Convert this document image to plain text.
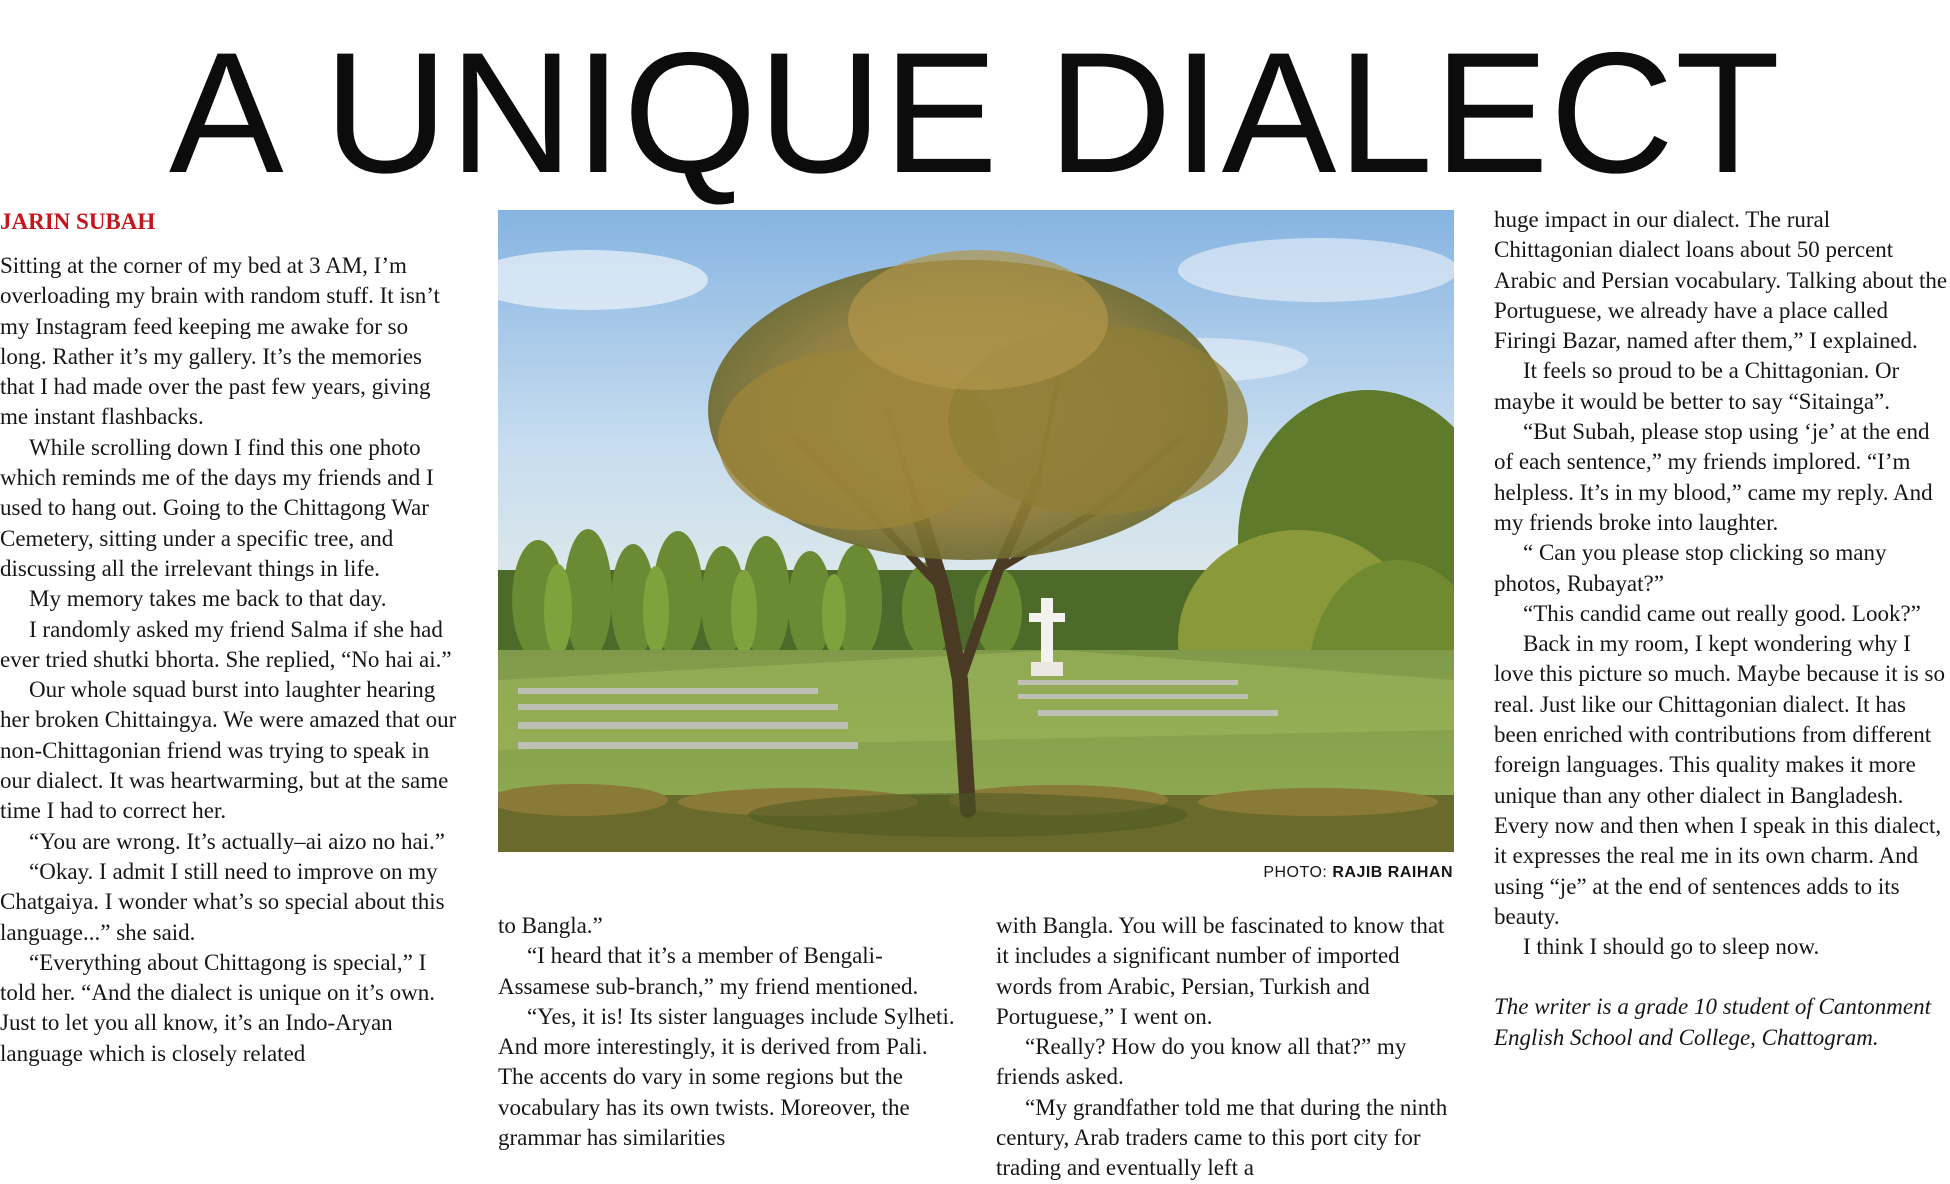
A UNIQUE DIALECT
JARIN SUBAH

Sitting at the corner of my bed at 3 AM, I’m overloading my brain with random stuff. It isn’t my Instagram feed keeping me awake for so long. Rather it’s my gallery. It’s the memories that I had made over the past few years, giving me instant flashbacks.

While scrolling down I find this one photo which reminds me of the days my friends and I used to hang out. Going to the Chittagong War Cemetery, sitting under a specific tree, and discussing all the irrelevant things in life.

My memory takes me back to that day.

I randomly asked my friend Salma if she had ever tried shutki bhorta. She replied, “No hai ai.”

Our whole squad burst into laughter hearing her broken Chittaingya. We were amazed that our non-Chittagonian friend was trying to speak in our dialect. It was heartwarming, but at the same time I had to correct her.

“You are wrong. It’s actually–ai aizo no hai.”

“Okay. I admit I still need to improve on my Chatgaiya. I wonder what’s so special about this language...” she said.

“Everything about Chittagong is special,” I told her. “And the dialect is unique on it’s own. Just to let you all know, it’s an Indo-Aryan language which is closely related

PHOTO: RAJIB RAIHAN

to Bangla.”

“I heard that it’s a member of Bengali-Assamese sub-branch,” my friend mentioned.

“Yes, it is! Its sister languages include Sylheti. And more interestingly, it is derived from Pali. The accents do vary in some regions but the vocabulary has its own twists. Moreover, the grammar has similarities

with Bangla. You will be fascinated to know that it includes a significant number of imported words from Arabic, Persian, Turkish and Portuguese,” I went on.

“Really? How do you know all that?” my friends asked.

“My grandfather told me that during the ninth century, Arab traders came to this port city for trading and eventually left a

huge impact in our dialect. The rural Chittagonian dialect loans about 50 percent Arabic and Persian vocabulary. Talking about the Portuguese, we already have a place called Firingi Bazar, named after them,” I explained.

It feels so proud to be a Chittagonian. Or maybe it would be better to say “Sitainga”.

“But Subah, please stop using ‘je’ at the end of each sentence,” my friends implored. “I’m helpless. It’s in my blood,” came my reply. And my friends broke into laughter.

“ Can you please stop clicking so many photos, Rubayat?”

“This candid came out really good. Look?”

Back in my room, I kept wondering why I love this picture so much. Maybe because it is so real. Just like our Chittagonian dialect. It has been enriched with contributions from different foreign languages. This quality makes it more unique than any other dialect in Bangladesh. Every now and then when I speak in this dialect, it expresses the real me in its own charm. And using “je” at the end of sentences adds to its beauty.

I think I should go to sleep now.

The writer is a grade 10 student of Cantonment English School and College, Chattogram.
